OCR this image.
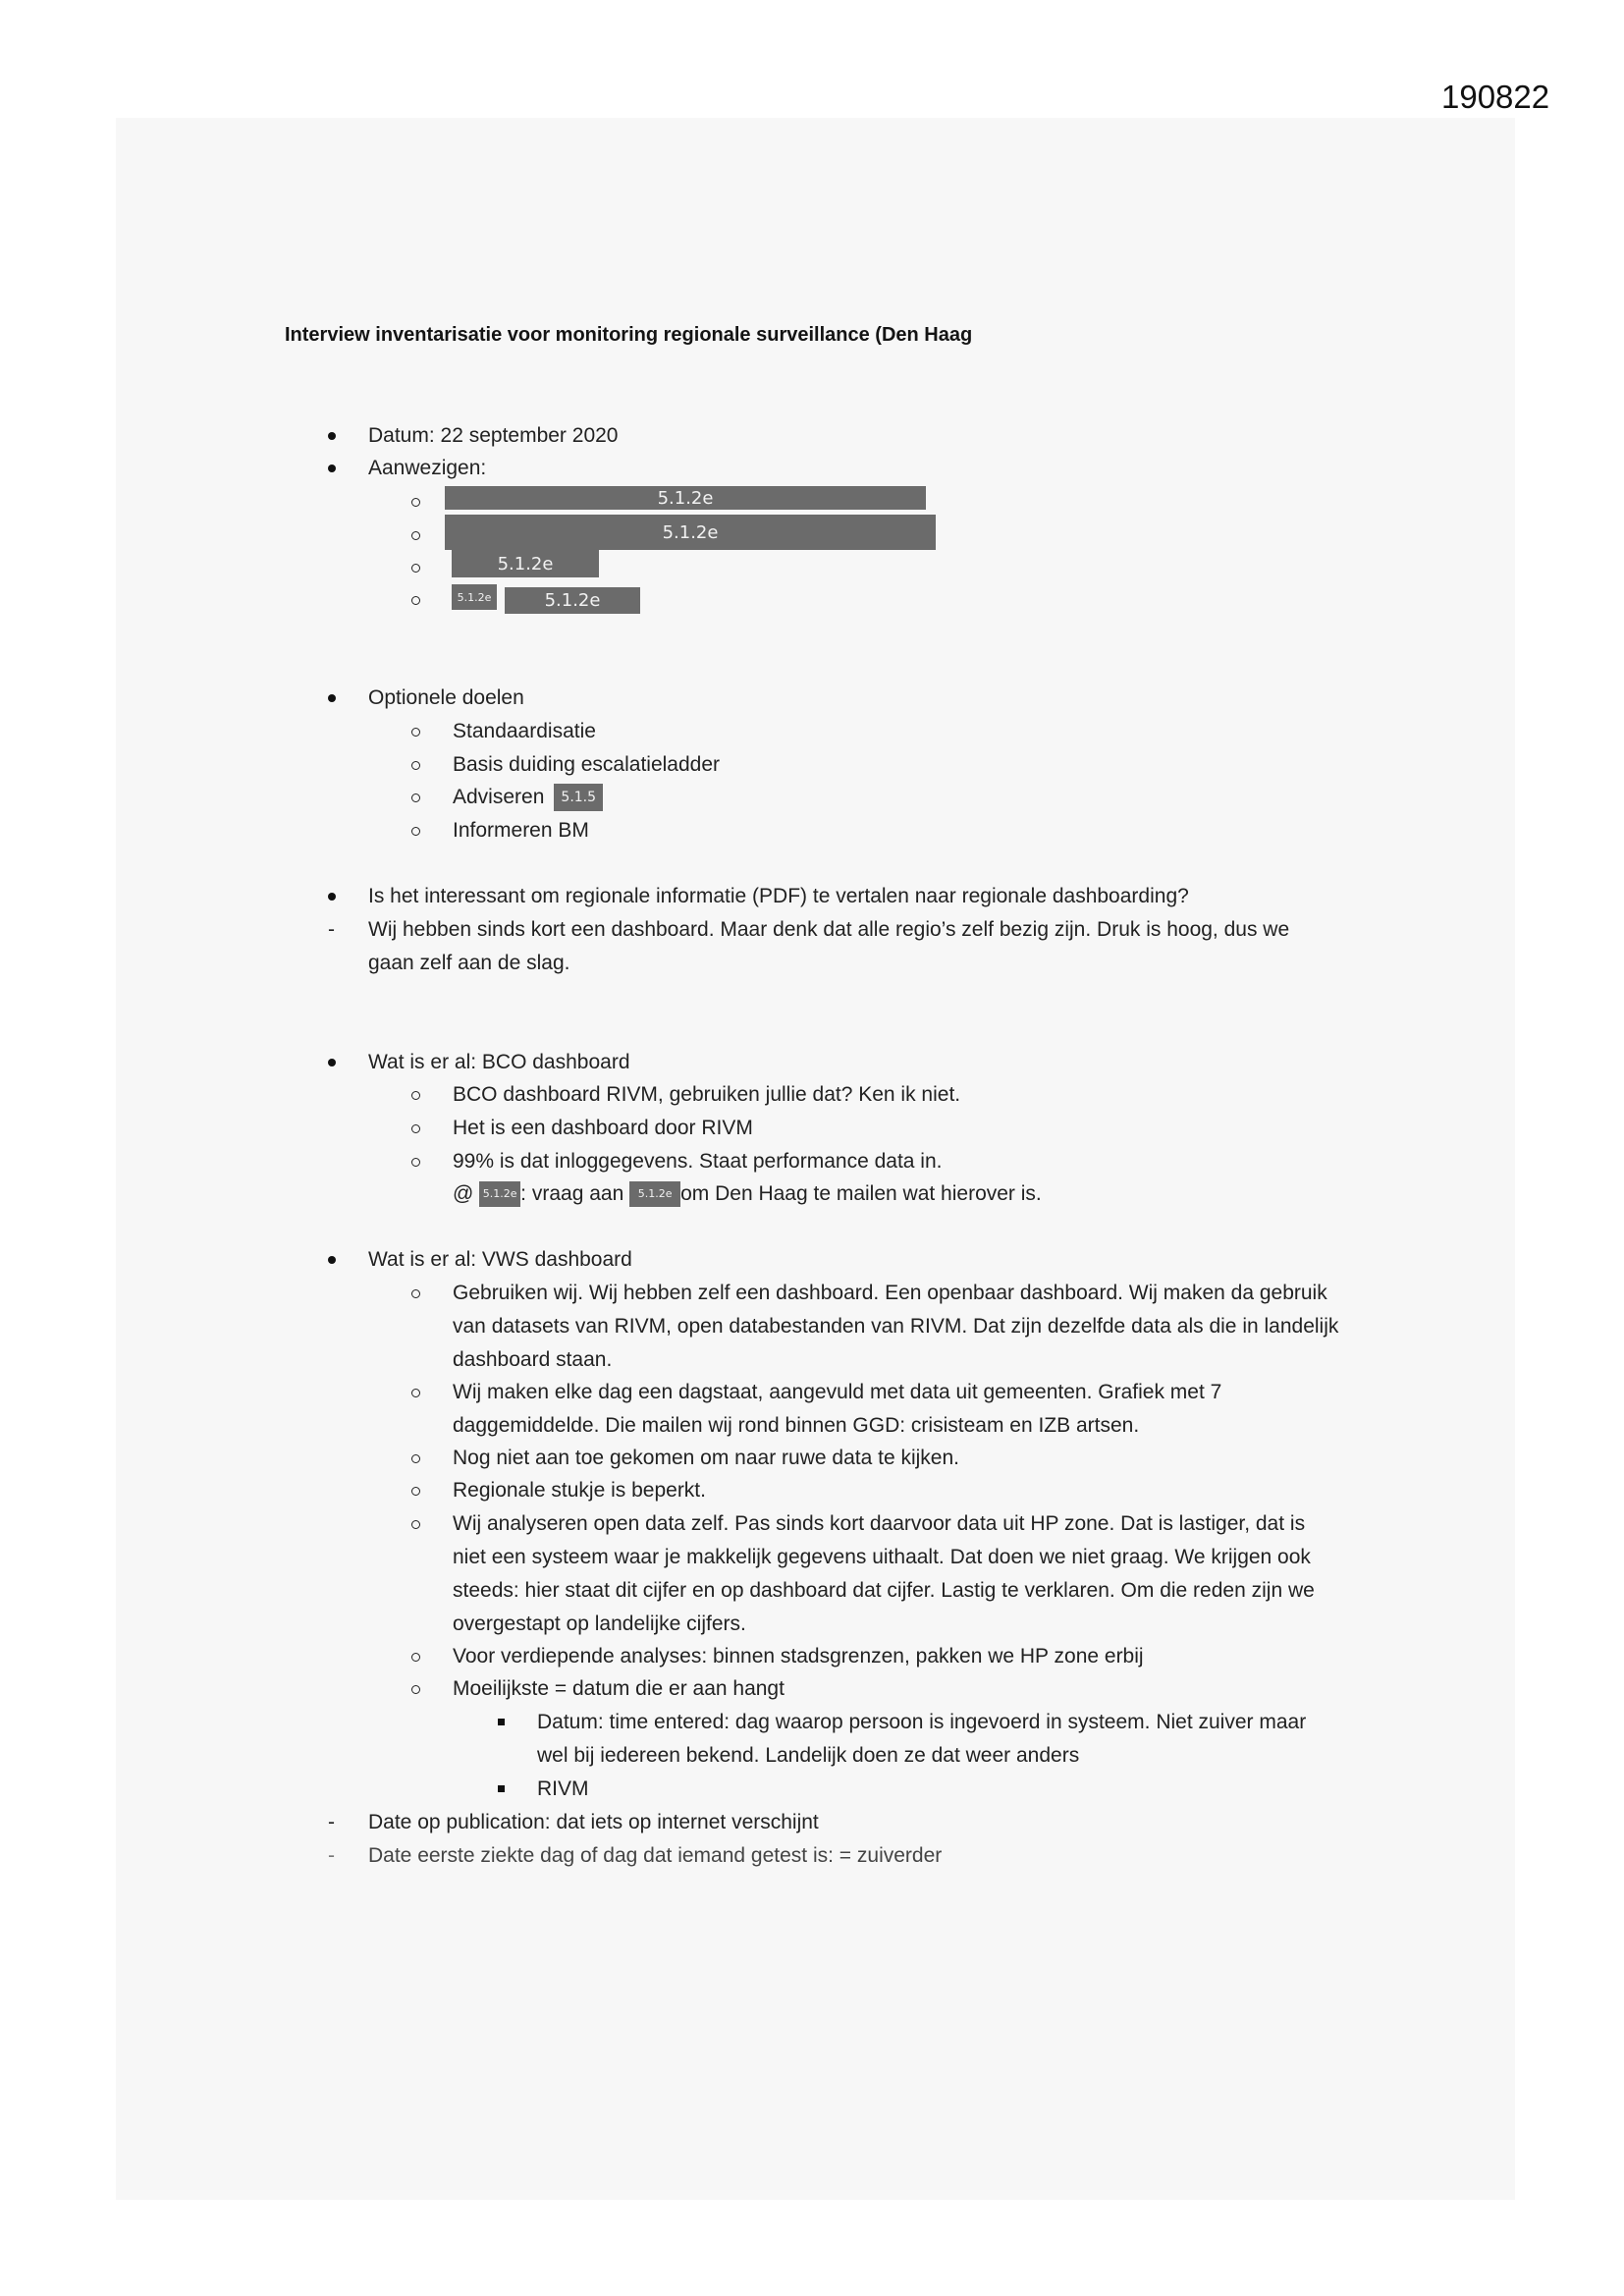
190822
Interview inventarisatie voor monitoring regionale surveillance (Den Haag
Datum: 22 september 2020
Aanwezigen:
5.1.2e
5.1.2e
5.1.2e
5.1.2e	5.1.2e
Optionele doelen
Standaardisatie
Basis duiding escalatieladder
Adviseren 5.1.5
Informeren BM
Is het interessant om regionale informatie (PDF) te vertalen naar regionale dashboarding?
- Wij hebben sinds kort een dashboard. Maar denk dat alle regio’s zelf bezig zijn. Druk is hoog, dus we
gaan zelf aan de slag.
Wat is er al: BCO dashboard
BCO dashboard RIVM, gebruiken jullie dat? Ken ik niet.
Het is een dashboard door RIVM
99% is dat inloggegevens. Staat performance data in.
@ 5.1.2e : vraag aan 5.1.2e om Den Haag te mailen wat hierover is.
Wat is er al: VWS dashboard
Gebruiken wij. Wij hebben zelf een dashboard. Een openbaar dashboard. Wij maken da gebruik
van datasets van RIVM, open databestanden van RIVM. Dat zijn dezelfde data als die in landelijk
dashboard staan.
Wij maken elke dag een dagstaat, aangevuld met data uit gemeenten. Grafiek met 7
daggemiddelde. Die mailen wij rond binnen GGD: crisisteam en IZB artsen.
Nog niet aan toe gekomen om naar ruwe data te kijken.
Regionale stukje is beperkt.
Wij analyseren open data zelf. Pas sinds kort daarvoor data uit HP zone. Dat is lastiger, dat is
niet een systeem waar je makkelijk gegevens uithaalt. Dat doen we niet graag. We krijgen ook
steeds: hier staat dit cijfer en op dashboard dat cijfer. Lastig te verklaren. Om die reden zijn we
overgestapt op landelijke cijfers.
Voor verdiepende analyses: binnen stadsgrenzen, pakken we HP zone erbij
Moeilijkste = datum die er aan hangt
Datum: time entered: dag waarop persoon is ingevoerd in systeem. Niet zuiver maar
wel bij iedereen bekend. Landelijk doen ze dat weer anders
RIVM
- Date op publication: dat iets op internet verschijnt
- Date eerste ziekte dag of dag dat iemand getest is: = zuiverder
